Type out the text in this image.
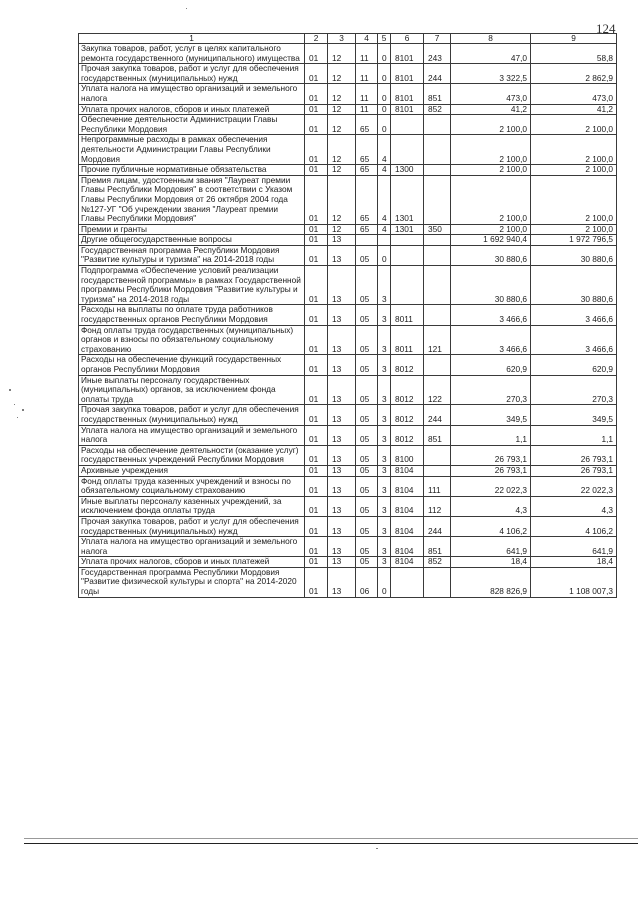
124
1	2	3	4	5	6	7	8	9
Закупка товаров, работ, услуг в целях капитального ремонта государственного (муниципального) имущества	01	12	11	0	8101	243	47,0	58,8
Прочая закупка товаров, работ и услуг для обеспечения государственных (муниципальных) нужд	01	12	11	0	8101	244	3 322,5	2 862,9
Уплата налога на имущество организаций и земельного налога	01	12	11	0	8101	851	473,0	473,0
Уплата прочих налогов, сборов и иных платежей	01	12	11	0	8101	852	41,2	41,2
Обеспечение деятельности Администрации Главы Республики Мордовия	01	12	65	0			2 100,0	2 100,0
Непрограммные расходы в рамках обеспечения деятельности Администрации Главы Республики Мордовия	01	12	65	4			2 100,0	2 100,0
Прочие публичные нормативные обязательства	01	12	65	4	1300		2 100,0	2 100,0
Премия лицам, удостоенным звания "Лауреат премии Главы Республики Мордовия" в соответствии с Указом Главы Республики Мордовия от 26 октября 2004 года №127-УГ "Об учреждении звания "Лауреат премии Главы Республики Мордовия"	01	12	65	4	1301		2 100,0	2 100,0
Премии и гранты	01	12	65	4	1301	350	2 100,0	2 100,0
Другие общегосударственные вопросы	01	13					1 692 940,4	1 972 796,5
Государственная программа Республики Мордовия "Развитие культуры и туризма" на 2014-2018 годы	01	13	05	0			30 880,6	30 880,6
Подпрограмма «Обеспечение условий реализации государственной программы» в рамках Государственной программы Республики Мордовия "Развитие культуры и туризма" на 2014-2018 годы	01	13	05	3			30 880,6	30 880,6
Расходы на выплаты по оплате труда работников государственных органов Республики Мордовия	01	13	05	3	8011		3 466,6	3 466,6
Фонд оплаты труда государственных (муниципальных) органов и взносы по обязательному социальному страхованию	01	13	05	3	8011	121	3 466,6	3 466,6
Расходы на обеспечение функций государственных органов Республики Мордовия	01	13	05	3	8012		620,9	620,9
Иные выплаты персоналу государственных (муниципальных) органов, за исключением фонда оплаты труда	01	13	05	3	8012	122	270,3	270,3
Прочая закупка товаров, работ и услуг для обеспечения государственных (муниципальных) нужд	01	13	05	3	8012	244	349,5	349,5
Уплата налога на имущество организаций и земельного налога	01	13	05	3	8012	851	1,1	1,1
Расходы на обеспечение деятельности (оказание услуг) государственных учреждений Республики Мордовия	01	13	05	3	8100		26 793,1	26 793,1
Архивные учреждения	01	13	05	3	8104		26 793,1	26 793,1
Фонд оплаты труда казенных учреждений и взносы по обязательному социальному страхованию	01	13	05	3	8104	111	22 022,3	22 022,3
Иные выплаты персоналу казенных учреждений, за исключением фонда оплаты труда	01	13	05	3	8104	112	4,3	4,3
Прочая закупка товаров, работ и услуг для обеспечения государственных (муниципальных) нужд	01	13	05	3	8104	244	4 106,2	4 106,2
Уплата налога на имущество организаций и земельного налога	01	13	05	3	8104	851	641,9	641,9
Уплата прочих налогов, сборов и иных платежей	01	13	05	3	8104	852	18,4	18,4
Государственная программа Республики Мордовия "Развитие физической культуры и спорта" на 2014-2020 годы	01	13	06	0			828 826,9	1 108 007,3
